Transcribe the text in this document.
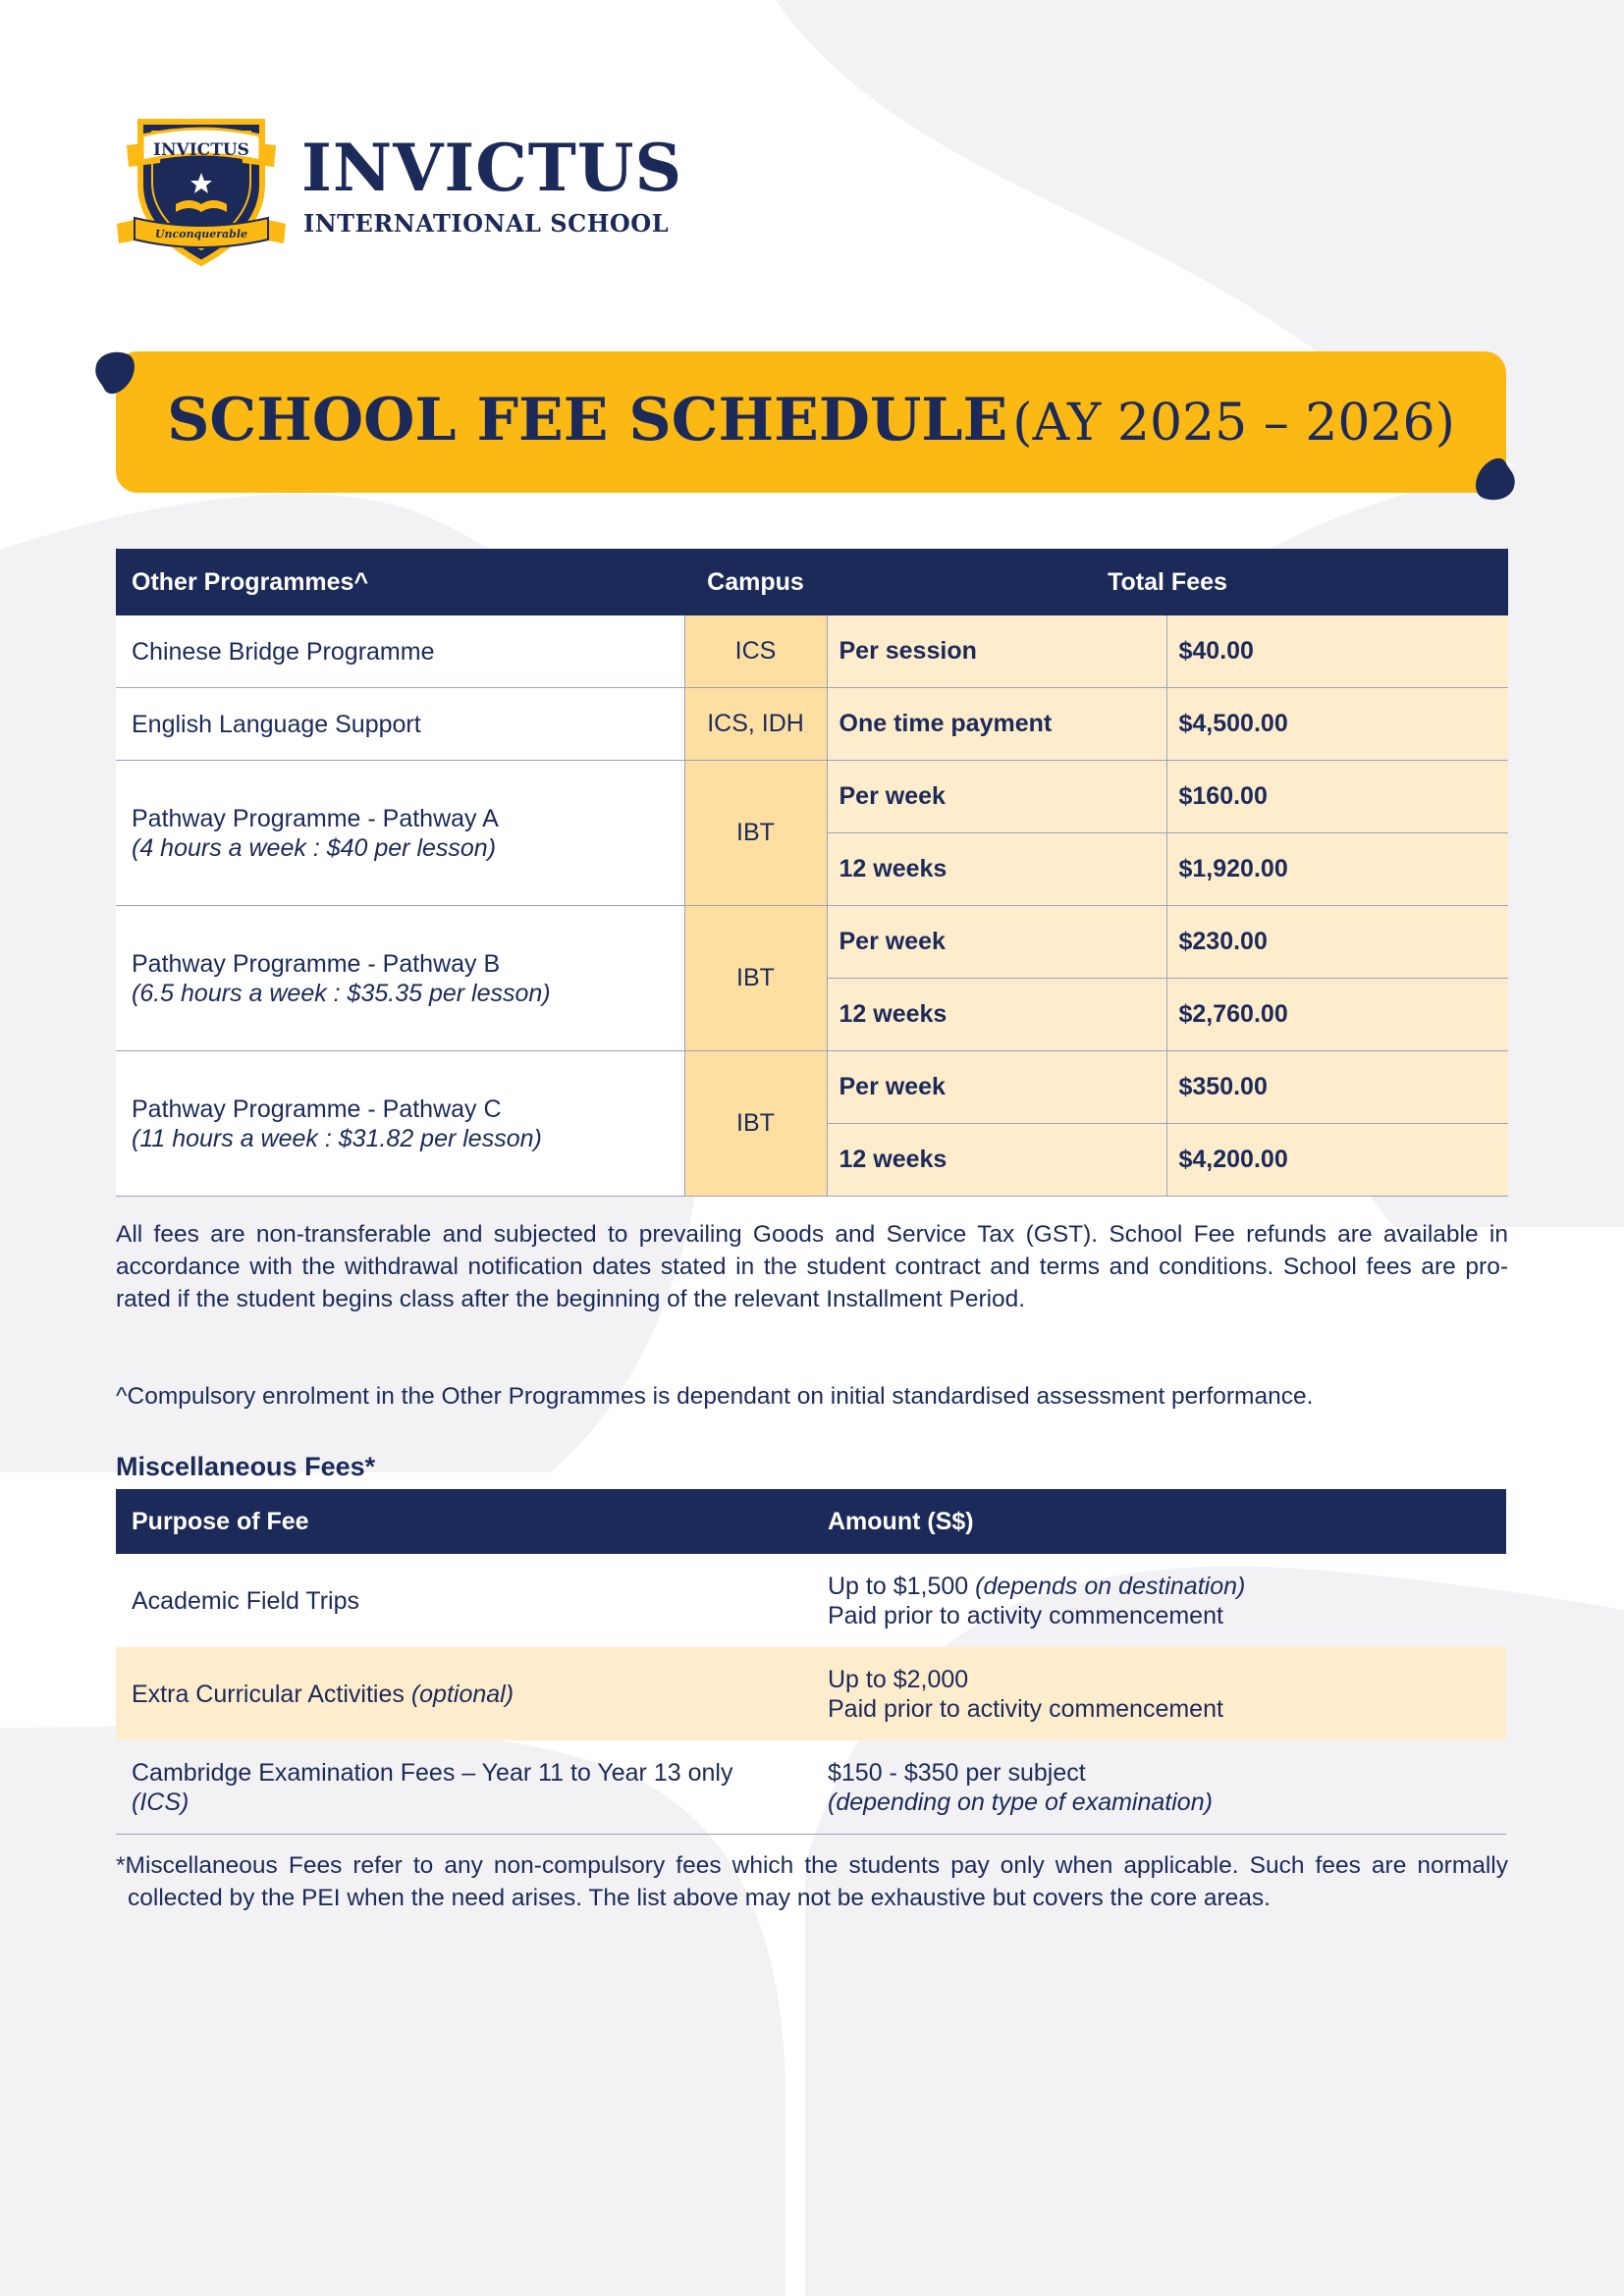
INVICTUS
Unconquerable
INVICTUS
INTERNATIONAL SCHOOL
SCHOOL FEE SCHEDULE (AY 2025 – 2026)
Other Programmes^	Campus	Total Fees	
Chinese Bridge Programme	ICS	Per session	$40.00
English Language Support	ICS, IDH	One time payment	$4,500.00

Pathway Programme - Pathway A
(4 hours a week : $40 per lesson)	IBT	Per week	$160.00
		12 weeks	$1,920.00

Pathway Programme - Pathway B
(6.5 hours a week : $35.35 per lesson)	IBT	Per week	$230.00
		12 weeks	$2,760.00

Pathway Programme - Pathway C
(11 hours a week : $31.82 per lesson)	IBT	Per week	$350.00
		12 weeks	$4,200.00
All fees are non-transferable and subjected to prevailing Goods and Service Tax (GST). School Fee refunds are available in accordance with the withdrawal notification dates stated in the student contract and terms and conditions. School fees are pro-rated if the student begins class after the beginning of the relevant Installment Period.
^Compulsory enrolment in the Other Programmes is dependant on initial standardised assessment performance.
Miscellaneous Fees*
Purpose of Fee	Amount (S$)
Academic Field Trips	Up to $1,500 (depends on destination)
Paid prior to activity commencement

Extra Curricular Activities (optional)	Up to $2,000
Paid prior to activity commencement

Cambridge Examination Fees – Year 11 to Year 13 only
(ICS)	$150 - $350 per subject
(depending on type of examination)
*Miscellaneous Fees refer to any non-compulsory fees which the students pay only when applicable. Such fees are normally collected by the PEI when the need arises. The list above may not be exhaustive but covers the core areas.
